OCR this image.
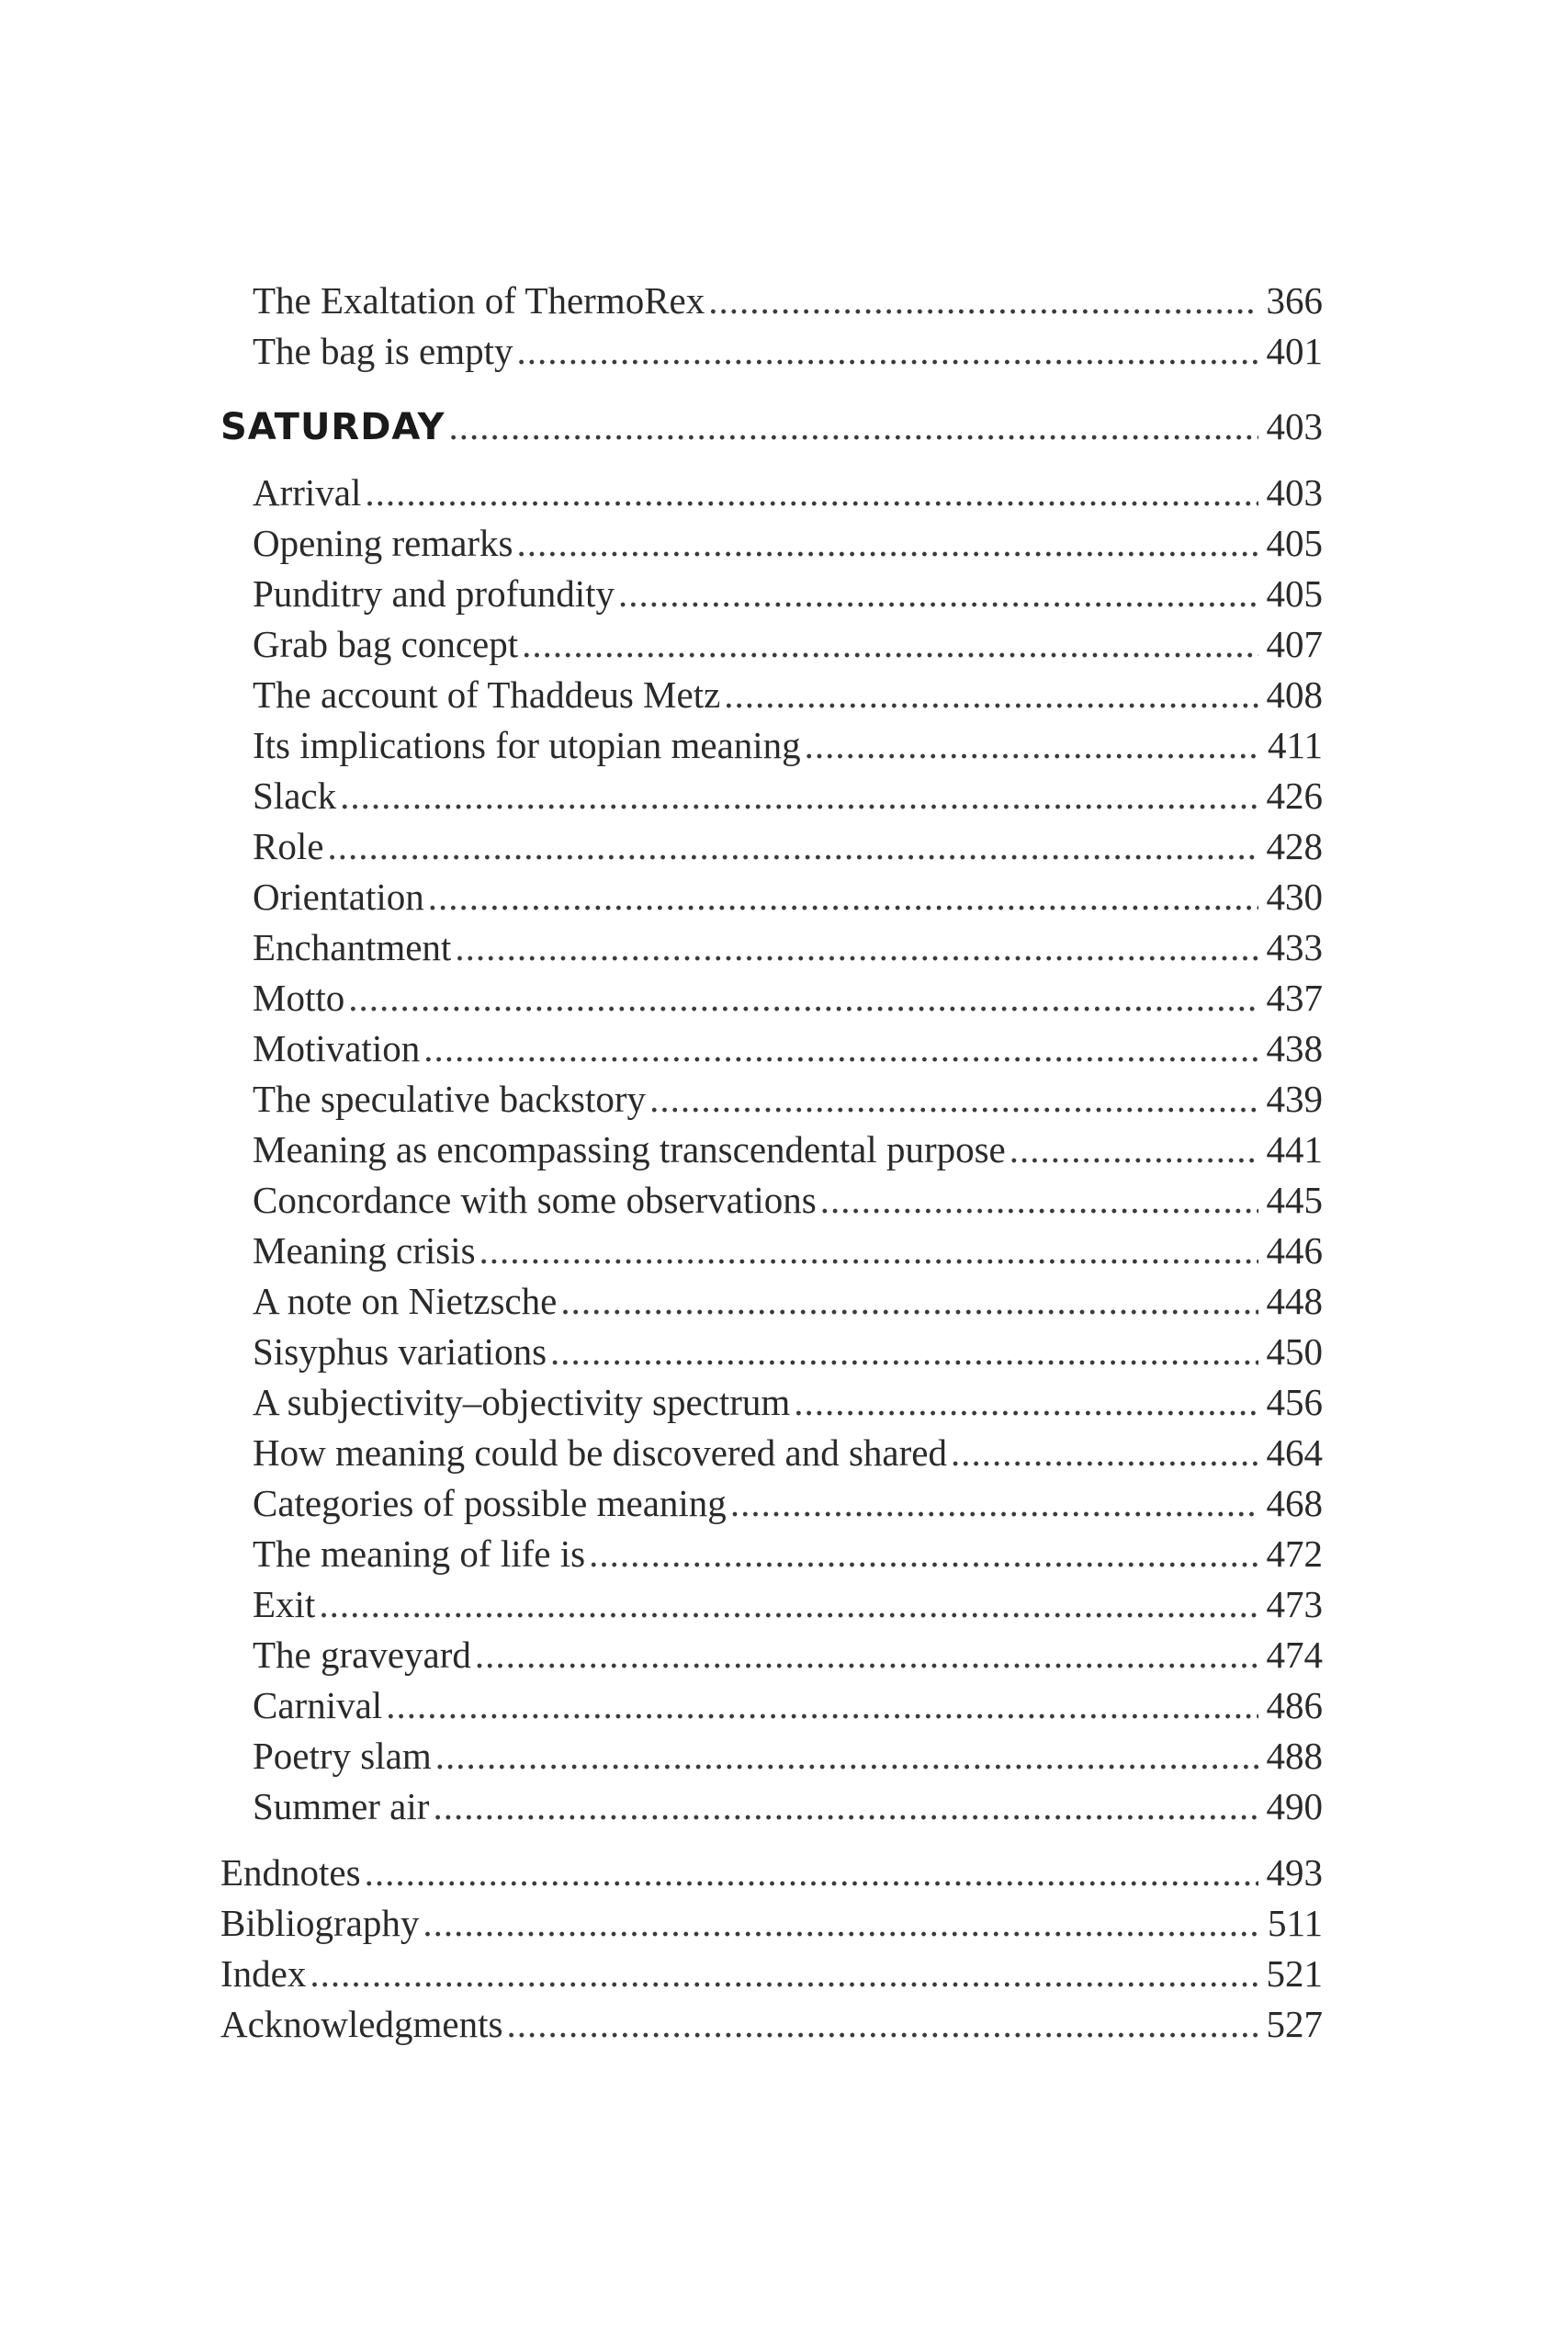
The Exaltation of ThermoRex .....	366
The bag is empty .....	401
SATURDAY .....	403
Arrival .....	403
Opening remarks .....	405
Punditry and profundity .....	405
Grab bag concept .....	407
The account of Thaddeus Metz .....	408
Its implications for utopian meaning .....	411
Slack .....	426
Role .....	428
Orientation .....	430
Enchantment .....	433
Motto .....	437
Motivation .....	438
The speculative backstory .....	439
Meaning as encompassing transcendental purpose .....	441
Concordance with some observations .....	445
Meaning crisis .....	446
A note on Nietzsche .....	448
Sisyphus variations .....	450
A subjectivity–objectivity spectrum .....	456
How meaning could be discovered and shared .....	464
Categories of possible meaning .....	468
The meaning of life is .....	472
Exit .....	473
The graveyard .....	474
Carnival .....	486
Poetry slam .....	488
Summer air .....	490
Endnotes .....	493
Bibliography .....	511
Index .....	521
Acknowledgments .....	527
